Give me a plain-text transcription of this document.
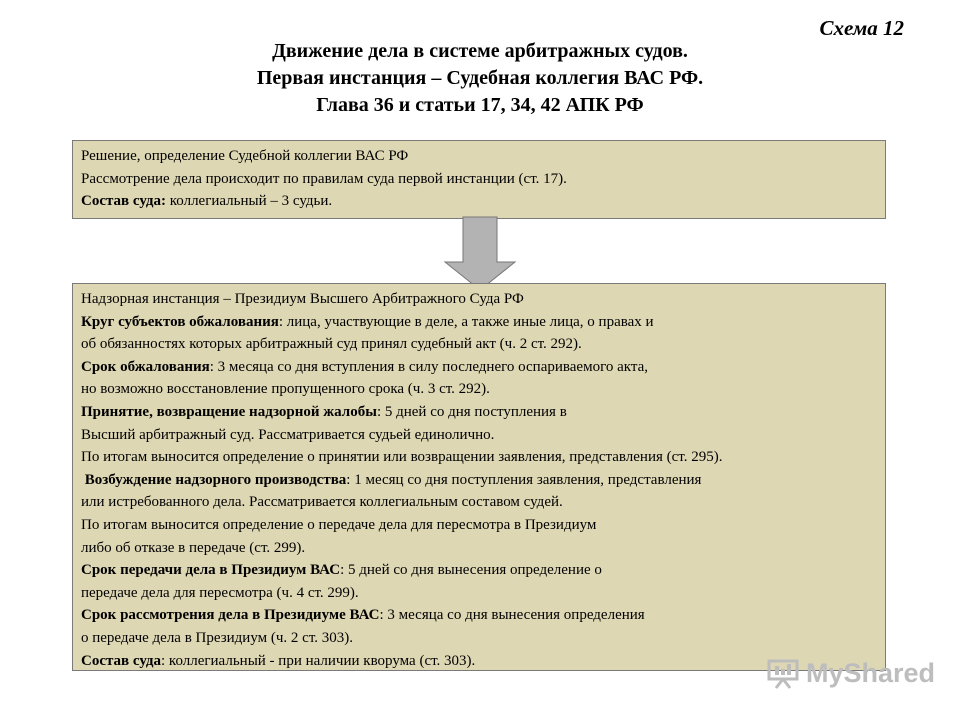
Схема 12
Движение дела в системе арбитражных судов.
Первая инстанция – Судебная коллегия ВАС РФ.
Глава 36 и статьи 17, 34, 42 АПК РФ
Решение, определение Судебной коллегии ВАС РФ
Рассмотрение дела происходит по правилам суда первой инстанции (ст. 17).
Состав суда: коллегиальный – 3 судьи.
Надзорная инстанция – Президиум Высшего Арбитражного Суда РФ
Круг субъектов обжалования: лица, участвующие в деле, а также иные лица, о правах и
об обязанностях которых арбитражный суд принял судебный акт (ч. 2 ст. 292).
Срок обжалования: 3 месяца со дня вступления в силу последнего оспариваемого акта,
но возможно восстановление пропущенного срока (ч. 3 ст. 292).
Принятие, возвращение надзорной жалобы: 5 дней со дня поступления в
Высший арбитражный суд. Рассматривается судьей единолично.
По итогам выносится определение о принятии или возвращении заявления, представления (ст. 295).
Возбуждение надзорного производства: 1 месяц со дня поступления заявления, представления
или истребованного дела. Рассматривается коллегиальным составом судей.
По итогам выносится определение о передаче дела для пересмотра в Президиум
либо об отказе в передаче (ст. 299).
Срок передачи дела в Президиум ВАС: 5 дней со дня вынесения определение о
передаче дела для пересмотра (ч. 4 ст. 299).
Срок рассмотрения дела в Президиуме ВАС: 3 месяца со дня вынесения определения
о передаче дела в Президиум (ч. 2 ст. 303).
Состав суда: коллегиальный - при наличии кворума (ст. 303).	MyShared
